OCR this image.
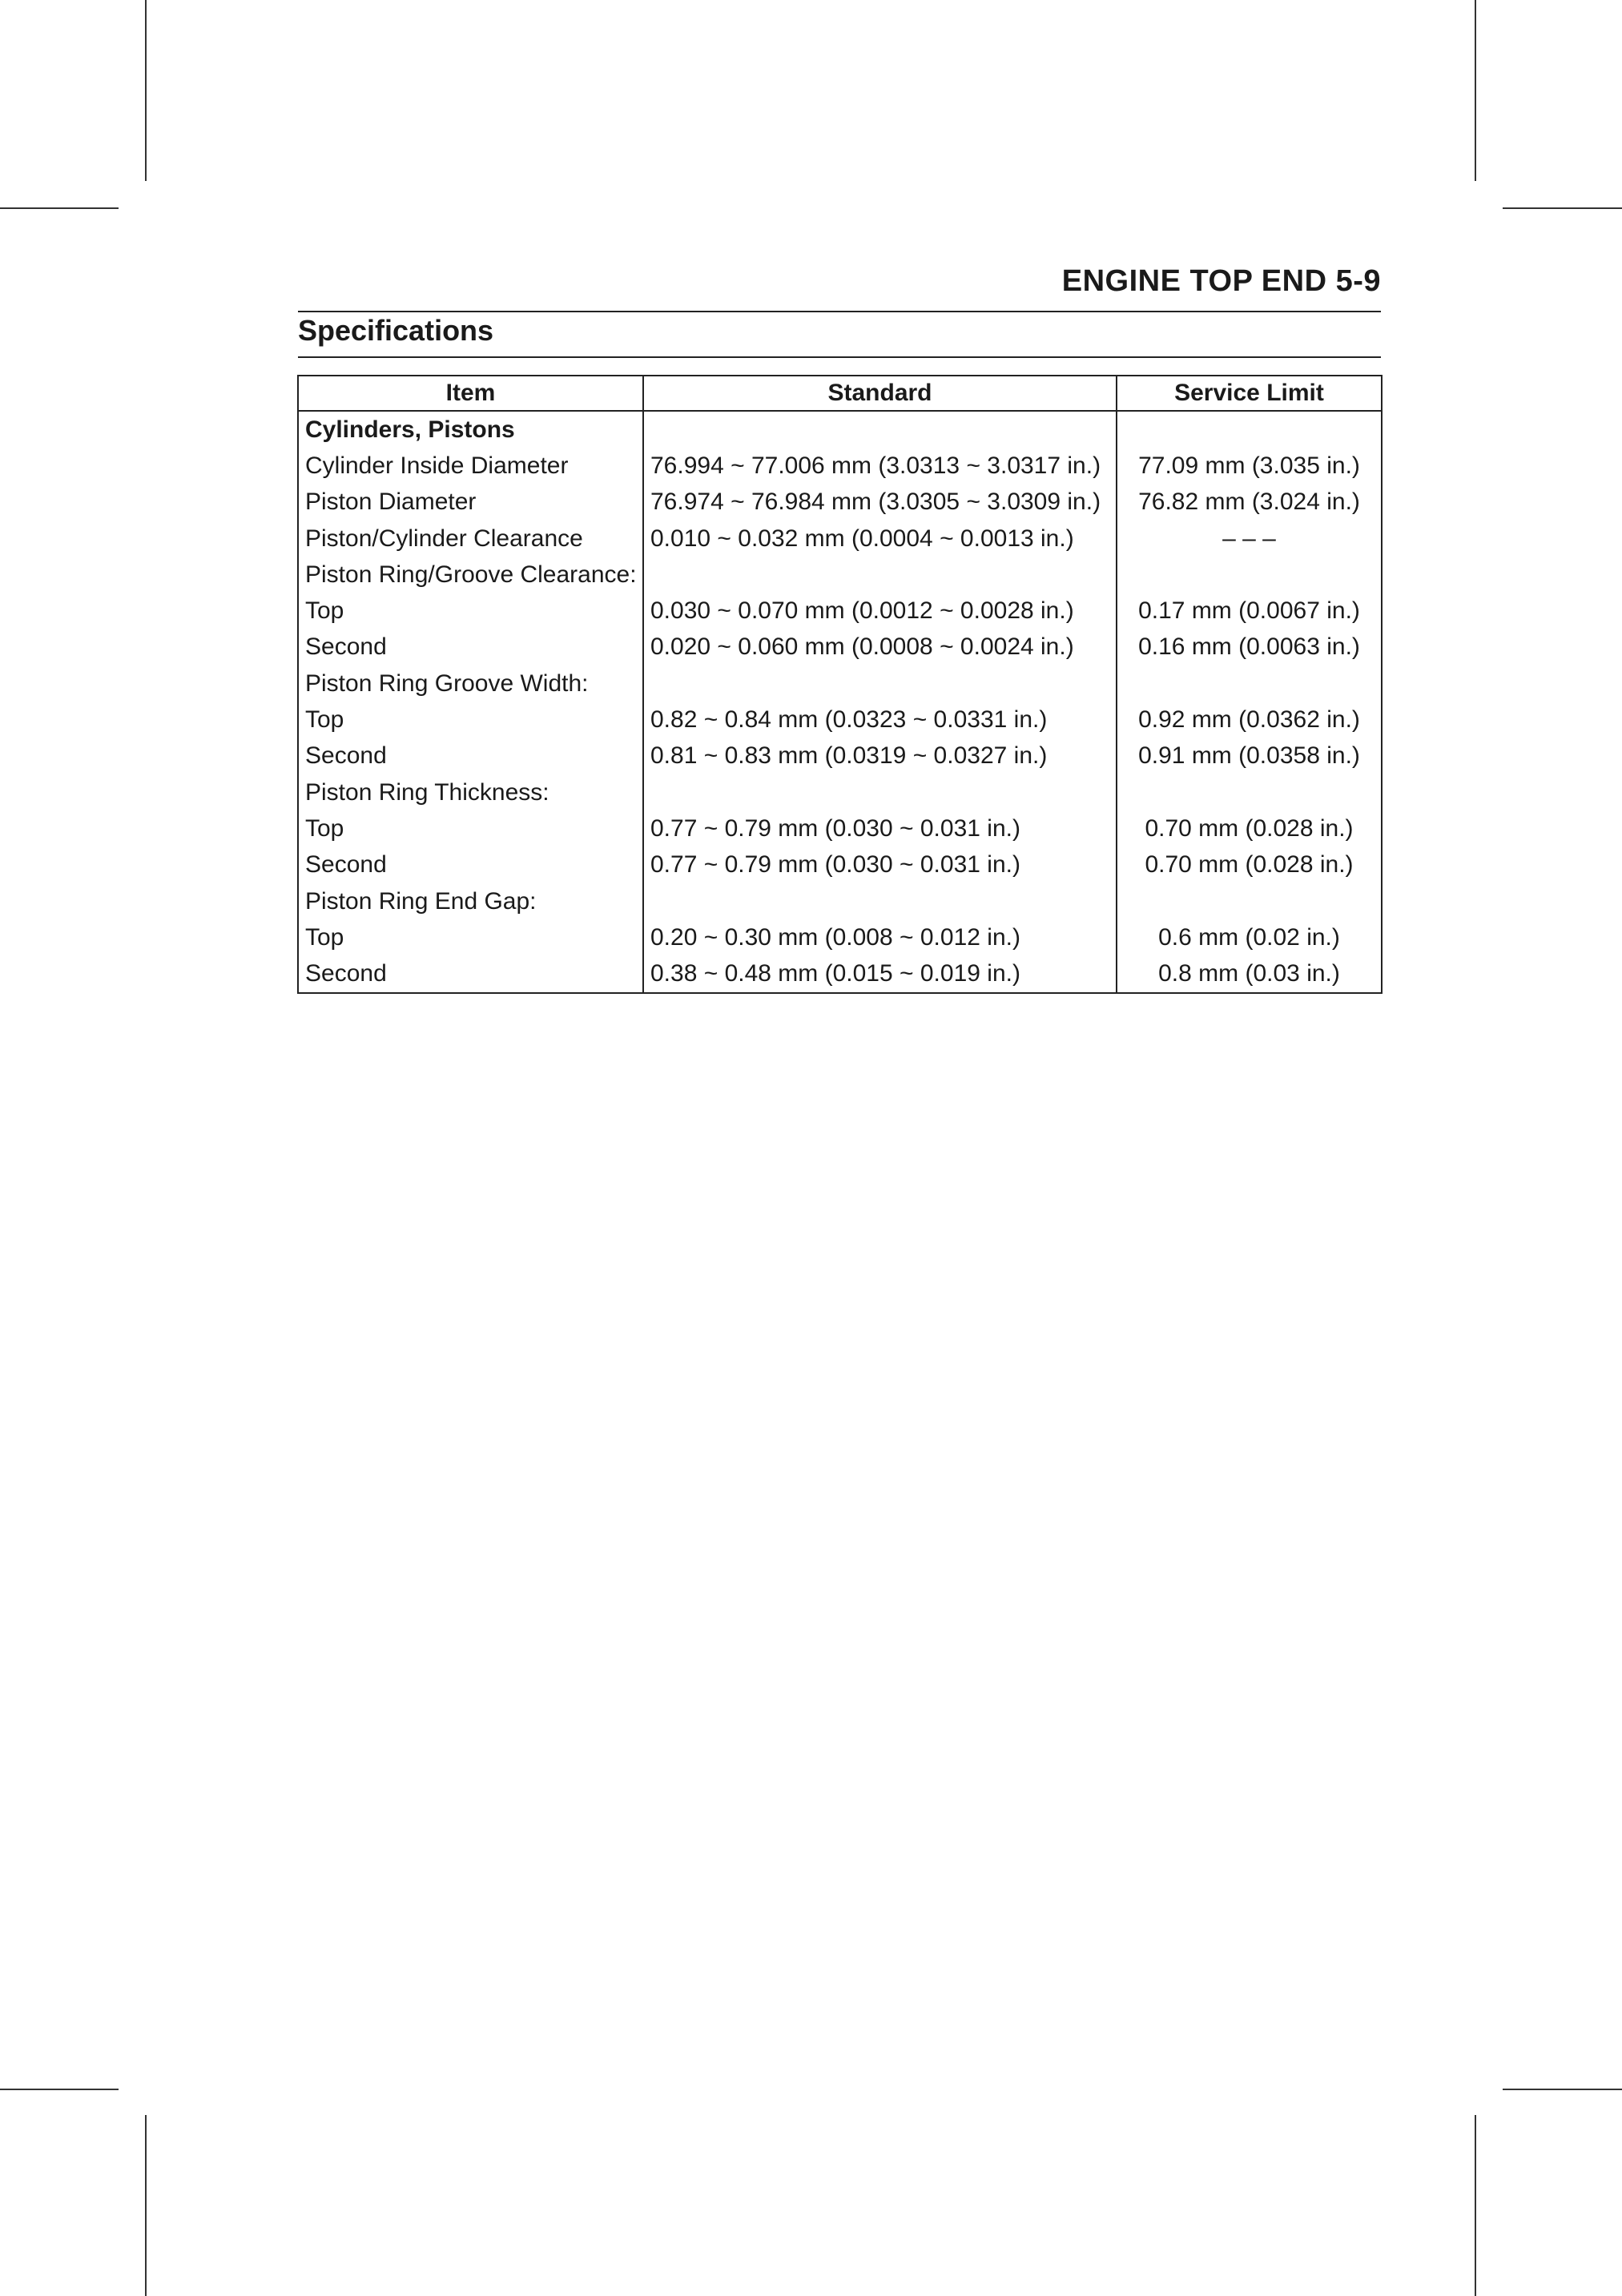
ENGINE TOP END 5-9
Specifications
Item	Standard	Service Limit
Cylinders, Pistons		
Cylinder Inside Diameter	76.994 ~ 77.006 mm (3.0313 ~ 3.0317 in.)	77.09 mm (3.035 in.)
Piston Diameter	76.974 ~ 76.984 mm (3.0305 ~ 3.0309 in.)	76.82 mm (3.024 in.)
Piston/Cylinder Clearance	0.010 ~ 0.032 mm (0.0004 ~ 0.0013 in.)	– – –
Piston Ring/Groove Clearance:		
Top	0.030 ~ 0.070 mm (0.0012 ~ 0.0028 in.)	0.17 mm (0.0067 in.)
Second	0.020 ~ 0.060 mm (0.0008 ~ 0.0024 in.)	0.16 mm (0.0063 in.)
Piston Ring Groove Width:		
Top	0.82 ~ 0.84 mm (0.0323 ~ 0.0331 in.)	0.92 mm (0.0362 in.)
Second	0.81 ~ 0.83 mm (0.0319 ~ 0.0327 in.)	0.91 mm (0.0358 in.)
Piston Ring Thickness:		
Top	0.77 ~ 0.79 mm (0.030 ~ 0.031 in.)	0.70 mm (0.028 in.)
Second	0.77 ~ 0.79 mm (0.030 ~ 0.031 in.)	0.70 mm (0.028 in.)
Piston Ring End Gap:		
Top	0.20 ~ 0.30 mm (0.008 ~ 0.012 in.)	0.6 mm (0.02 in.)
Second	0.38 ~ 0.48 mm (0.015 ~ 0.019 in.)	0.8 mm (0.03 in.)
